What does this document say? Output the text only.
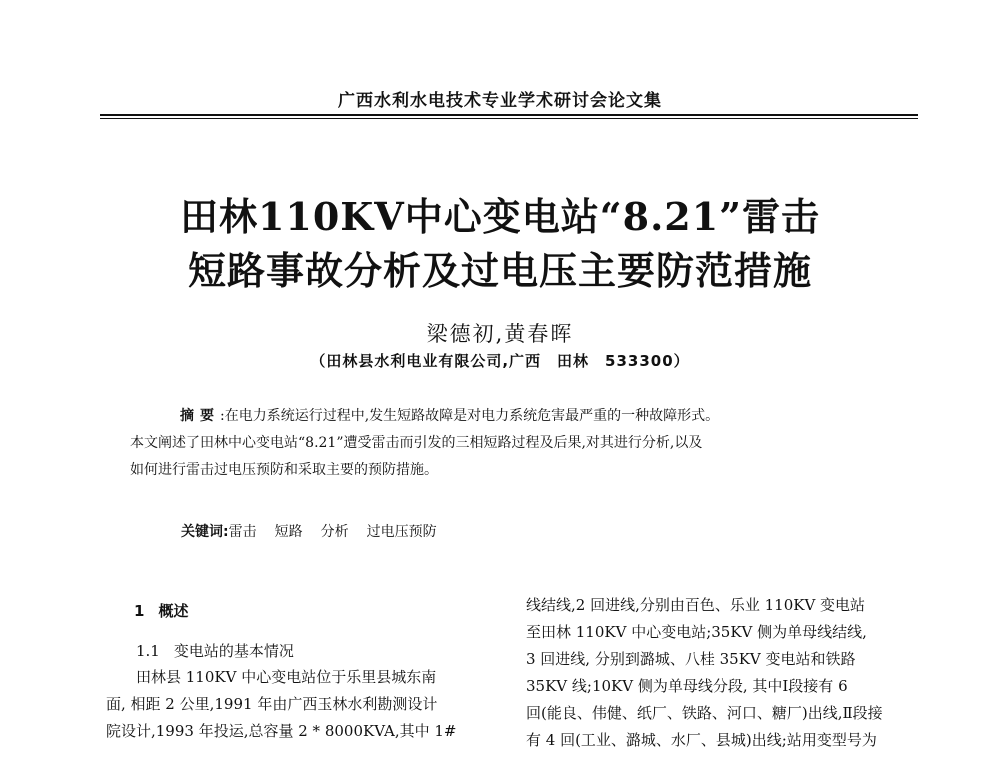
广西水利水电技术专业学术研讨会论文集
田林110KV中心变电站“8.21”雷击
短路事故分析及过电压主要防范措施
梁德初,黄春晖
（田林县水利电业有限公司,广西　田林　533300）
摘要:在电力系统运行过程中,发生短路故障是对电力系统危害最严重的一种故障形式。
本文阐述了田林中心变电站“8.21”遭受雷击而引发的三相短路过程及后果,对其进行分析,以及
如何进行雷击过电压预防和采取主要的预防措施。
关键词:雷击 短路 分析 过电压预防
1 概述
1.1 变电站的基本情况
田林县 110KV 中心变电站位于乐里县城东南
面, 相距 2 公里,1991 年由广西玉林水利勘测设计
院设计,1993 年投运,总容量 2 * 8000KVA,其中 1#
线结线,2 回进线,分别由百色、乐业 110KV 变电站
至田林 110KV 中心变电站;35KV 侧为单母线结线,
3 回进线, 分别到潞城、八桂 35KV 变电站和铁路
35KV 线;10KV 侧为单母线分段, 其中Ⅰ段接有 6
回(能良、伟健、纸厂、铁路、河口、糖厂)出线,Ⅱ段接
有 4 回(工业、潞城、水厂、县城)出线;站用变型号为
